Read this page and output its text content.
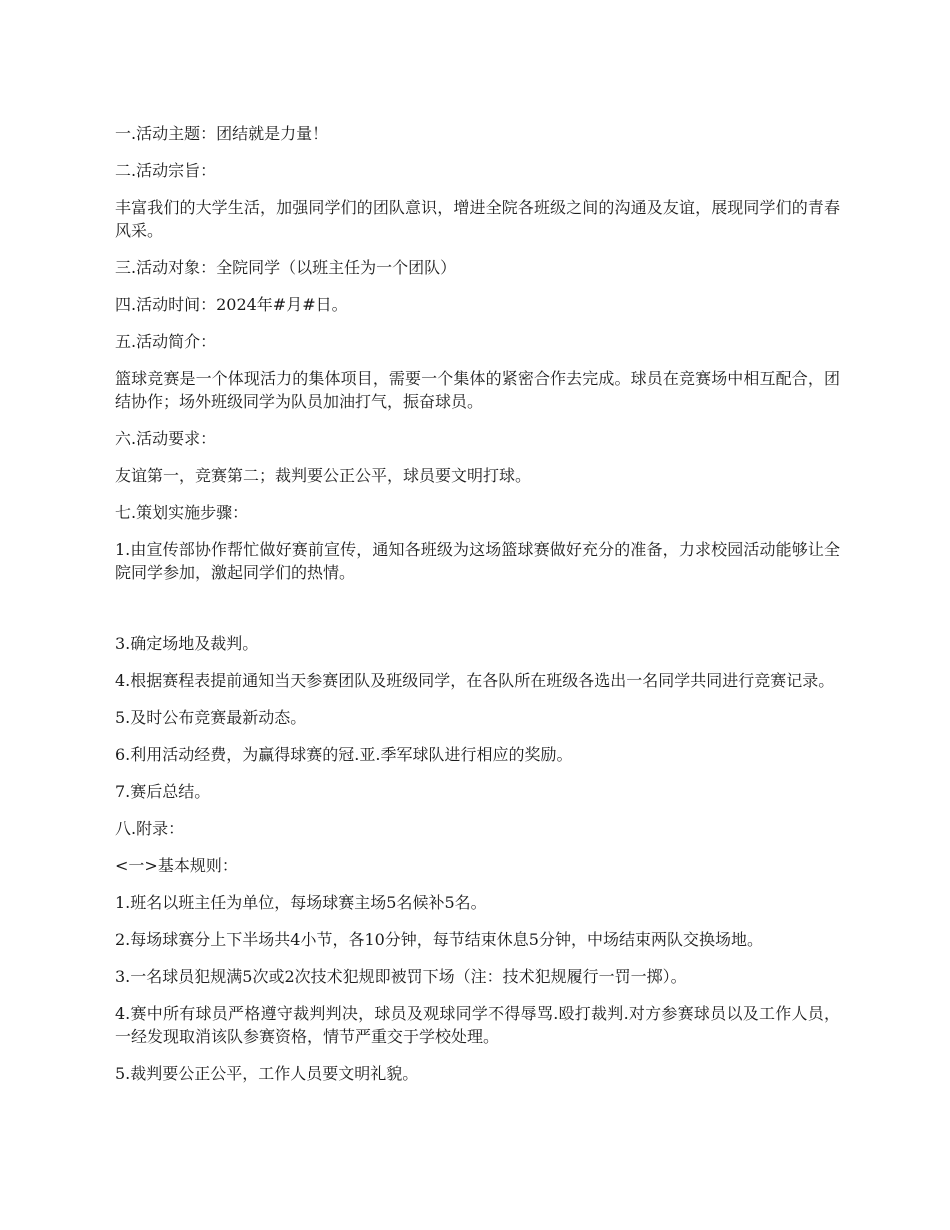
一.活动主题：团结就是力量！

二.活动宗旨：

丰富我们的大学生活，加强同学们的团队意识，增进全院各班级之间的沟通及友谊，展现同学们的青春风采。

三.活动对象：全院同学（以班主任为一个团队）

四.活动时间：2024年#月#日。

五.活动简介：

篮球竞赛是一个体现活力的集体项目，需要一个集体的紧密合作去完成。球员在竞赛场中相互配合，团结协作；场外班级同学为队员加油打气，振奋球员。

六.活动要求：

友谊第一，竞赛第二；裁判要公正公平，球员要文明打球。

七.策划实施步骤：

1.由宣传部协作帮忙做好赛前宣传，通知各班级为这场篮球赛做好充分的准备，力求校园活动能够让全院同学参加，激起同学们的热情。

3.确定场地及裁判。

4.根据赛程表提前通知当天参赛团队及班级同学，在各队所在班级各选出一名同学共同进行竞赛记录。

5.及时公布竞赛最新动态。

6.利用活动经费，为赢得球赛的冠.亚.季军球队进行相应的奖励。

7.赛后总结。

八.附录：

<一>基本规则：

1.班名以班主任为单位，每场球赛主场5名候补5名。

2.每场球赛分上下半场共4小节，各10分钟，每节结束休息5分钟，中场结束两队交换场地。

3.一名球员犯规满5次或2次技术犯规即被罚下场（注：技术犯规履行一罚一掷）。

4.赛中所有球员严格遵守裁判判决，球员及观球同学不得辱骂.殴打裁判.对方参赛球员以及工作人员，一经发现取消该队参赛资格，情节严重交于学校处理。

5.裁判要公正公平，工作人员要文明礼貌。
